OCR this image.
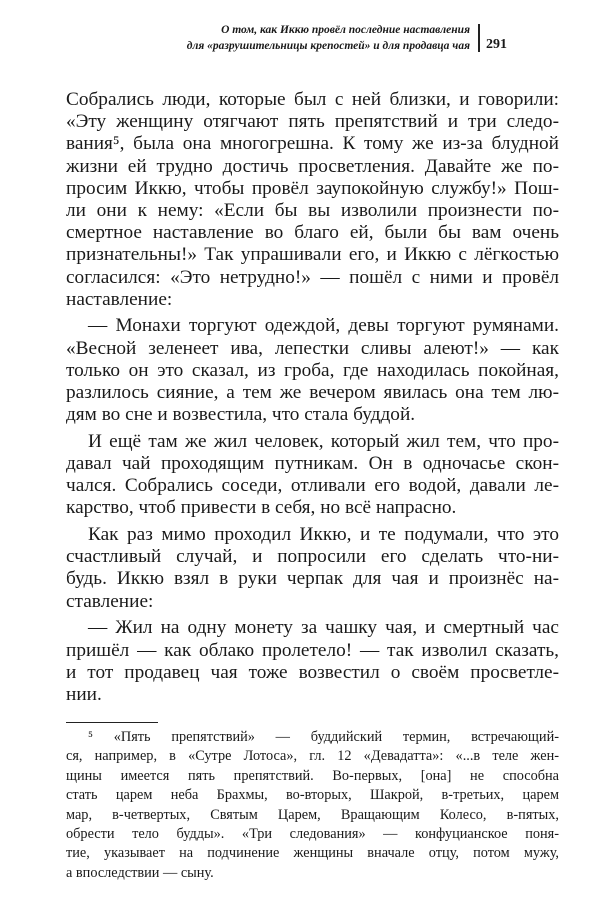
О том, как Иккю провёл последние наставления
для «разрушительницы крепостей» и для продавца чая 291
Собрались люди, которые был с ней близки, и говорили:
«Эту женщину отягчают пять препятствий и три следо-
вания⁵, была она многогрешна. К тому же из-за блудной
жизни ей трудно достичь просветления. Давайте же по-
просим Иккю, чтобы провёл заупокойную службу!» Пош-
ли они к нему: «Если бы вы изволили произнести по-
смертное наставление во благо ей, были бы вам очень
признательны!» Так упрашивали его, и Иккю с лёгкостью
согласился: «Это нетрудно!» — пошёл с ними и провёл
наставление:
— Монахи торгуют одеждой, девы торгуют румянами.
«Весной зеленеет ива, лепестки сливы алеют!» — как
только он это сказал, из гроба, где находилась покойная,
разлилось сияние, а тем же вечером явилась она тем лю-
дям во сне и возвестила, что стала буддой.
И ещё там же жил человек, который жил тем, что про-
давал чай проходящим путникам. Он в одночасье скон-
чался. Собрались соседи, отливали его водой, давали ле-
карство, чтоб привести в себя, но всё напрасно.
Как раз мимо проходил Иккю, и те подумали, что это
счастливый случай, и попросили его сделать что-ни-
будь. Иккю взял в руки черпак для чая и произнёс на-
ставление:
— Жил на одну монету за чашку чая, и смертный час
пришёл — как облако пролетело! — так изволил сказать,
и тот продавец чая тоже возвестил о своём просветле-
нии.
⁵ «Пять препятствий» — буддийский термин, встречающий-
ся, например, в «Сутре Лотоса», гл. 12 «Девадатта»: «...в теле жен-
щины имеется пять препятствий. Во-первых, [она] не способна
стать царем неба Брахмы, во-вторых, Шакрой, в-третьих, царем
мар, в-четвертых, Святым Царем, Вращающим Колесо, в-пятых,
обрести тело будды». «Три следования» — конфуцианское поня-
тие, указывает на подчинение женщины вначале отцу, потом мужу,
а впоследствии — сыну.
